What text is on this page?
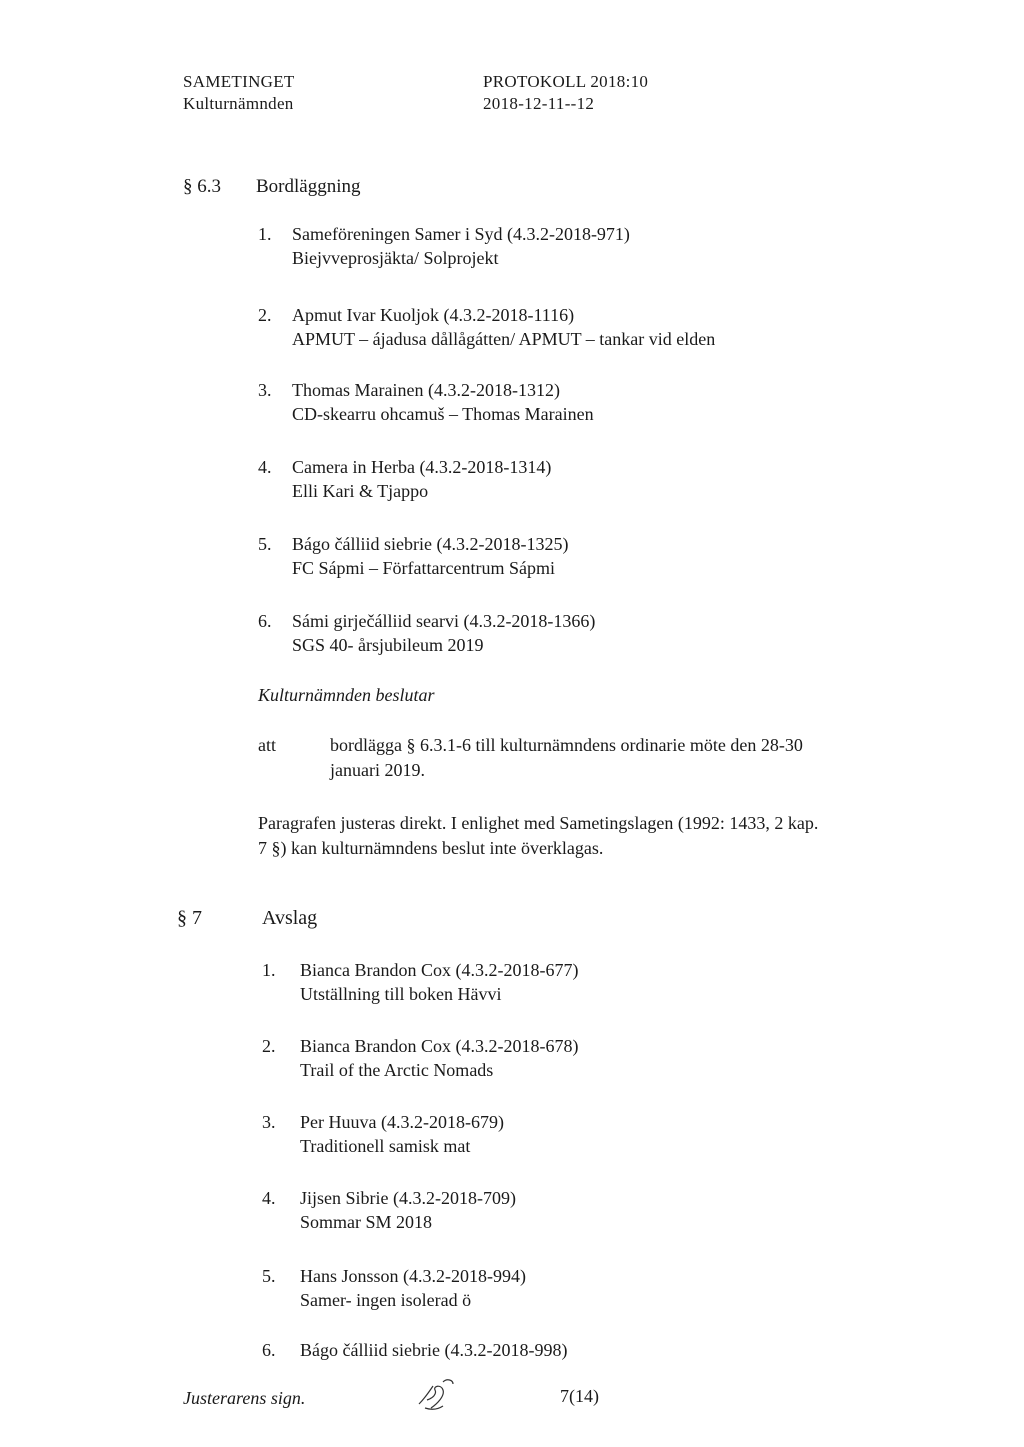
SAMETINGET
Kulturnämnden
PROTOKOLL 2018:10
2018-12-11--12
§ 6.3 Bordläggning
1. Sameföreningen Samer i Syd (4.3.2-2018-971)
Biejvveprosjäkta/ Solprojekt
2. Apmut Ivar Kuoljok (4.3.2-2018-1116)
APMUT – ájadusa dållågátten/ APMUT – tankar vid elden
3. Thomas Marainen (4.3.2-2018-1312)
CD-skearru ohcamuš – Thomas Marainen
4. Camera in Herba (4.3.2-2018-1314)
Elli Kari & Tjappo
5. Bágo čálliid siebrie (4.3.2-2018-1325)
FC Sápmi – Författarcentrum Sápmi
6. Sámi girječálliid searvi (4.3.2-2018-1366)
SGS 40- årsjubileum 2019
Kulturnämnden beslutar
att	bordlägga § 6.3.1-6 till kulturnämndens ordinarie möte den 28-30
januari 2019.
Paragrafen justeras direkt. I enlighet med Sametingslagen (1992: 1433, 2 kap.
7 §) kan kulturnämndens beslut inte överklagas.
§ 7	Avslag
1. Bianca Brandon Cox (4.3.2-2018-677)
Utställning till boken Hävvi
2. Bianca Brandon Cox (4.3.2-2018-678)
Trail of the Arctic Nomads
3. Per Huuva (4.3.2-2018-679)
Traditionell samisk mat
4. Jijsen Sibrie (4.3.2-2018-709)
Sommar SM 2018
5. Hans Jonsson (4.3.2-2018-994)
Samer- ingen isolerad ö
6. Bágo čálliid siebrie (4.3.2-2018-998)
Justerarens sign.	7(14)
